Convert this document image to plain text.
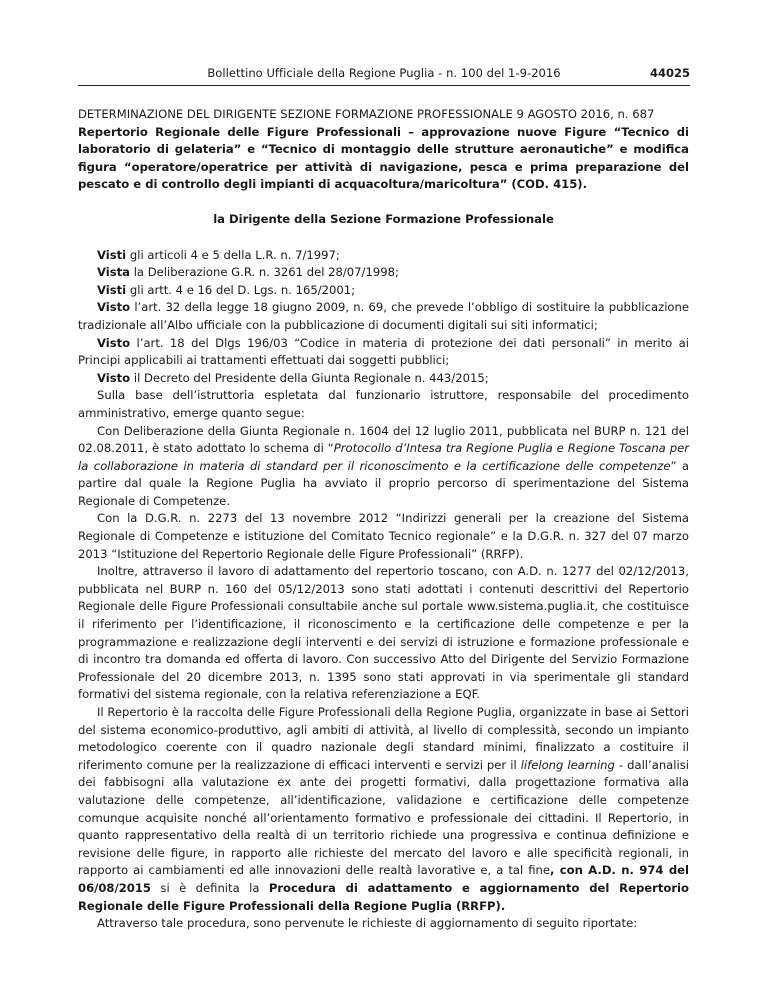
Bollettino Ufficiale della Regione Puglia - n. 100 del 1-9-2016	44025

DETERMINAZIONE DEL DIRIGENTE SEZIONE FORMAZIONE PROFESSIONALE 9 AGOSTO 2016, n. 687

Repertorio Regionale delle Figure Professionali – approvazione nuove Figure “Tecnico di laboratorio di gelateria” e “Tecnico di montaggio delle strutture aeronautiche” e modifica figura “operatore/operatrice per attività di navigazione, pesca e prima preparazione del pescato e di controllo degli impianti di acquacoltura/maricoltura” (COD. 415).

la Dirigente della Sezione Formazione Professionale

Visti gli articoli 4 e 5 della L.R. n. 7/1997;

Vista la Deliberazione G.R. n. 3261 del 28/07/1998;

Visti gli artt. 4 e 16 del D. Lgs. n. 165/2001;

Visto l’art. 32 della legge 18 giugno 2009, n. 69, che prevede l’obbligo di sostituire la pubblicazione tradizionale all’Albo ufficiale con la pubblicazione di documenti digitali sui siti informatici;

Visto l’art. 18 del Dlgs 196/03 “Codice in materia di protezione dei dati personali” in merito ai Principi applicabili ai trattamenti effettuati dai soggetti pubblici;

Visto il Decreto del Presidente della Giunta Regionale n. 443/2015;

Sulla base dell’istruttoria espletata dal funzionario istruttore, responsabile del procedimento amministrativo, emerge quanto segue:

Con Deliberazione della Giunta Regionale n. 1604 del 12 luglio 2011, pubblicata nel BURP n. 121 del 02.08.2011, è stato adottato lo schema di “Protocollo d’Intesa tra Regione Puglia e Regione Toscana per la collaborazione in materia di standard per il riconoscimento e la certificazione delle competenze” a partire dal quale la Regione Puglia ha avviato il proprio percorso di sperimentazione del Sistema Regionale di Competenze.

Con la D.G.R. n. 2273 del 13 novembre 2012 “Indirizzi generali per la creazione del Sistema Regionale di Competenze e istituzione del Comitato Tecnico regionale” e la D.G.R. n. 327 del 07 marzo 2013 “Istituzione del Repertorio Regionale delle Figure Professionali” (RRFP).

Inoltre, attraverso il lavoro di adattamento del repertorio toscano, con A.D. n. 1277 del 02/12/2013, pubblicata nel BURP n. 160 del 05/12/2013 sono stati adottati i contenuti descrittivi del Repertorio Regionale delle Figure Professionali consultabile anche sul portale www.sistema.puglia.it, che costituisce il riferimento per l’identificazione, il riconoscimento e la certificazione delle competenze e per la programmazione e realizzazione degli interventi e dei servizi di istruzione e formazione professionale e di incontro tra domanda ed offerta di lavoro. Con successivo Atto del Dirigente del Servizio Formazione Professionale del 20 dicembre 2013, n. 1395 sono stati approvati in via sperimentale gli standard formativi del sistema regionale, con la relativa referenziazione a EQF.

Il Repertorio è la raccolta delle Figure Professionali della Regione Puglia, organizzate in base ai Settori del sistema economico-produttivo, agli ambiti di attività, al livello di complessità, secondo un impianto metodologico coerente con il quadro nazionale degli standard minimi, finalizzato a costituire il riferimento comune per la realizzazione di efficaci interventi e servizi per il lifelong learning - dall’analisi dei fabbisogni alla valutazione ex ante dei progetti formativi, dalla progettazione formativa alla valutazione delle competenze, all’identificazione, validazione e certificazione delle competenze comunque acquisite nonché all’orientamento formativo e professionale dei cittadini. Il Repertorio, in quanto rappresentativo della realtà di un territorio richiede una progressiva e continua definizione e revisione delle figure, in rapporto alle richieste del mercato del lavoro e alle specificità regionali, in rapporto ai cambiamenti ed alle innovazioni delle realtà lavorative e, a tal fine, con A.D. n. 974 del 06/08/2015 si è definita la Procedura di adattamento e aggiornamento del Repertorio Regionale delle Figure Professionali della Regione Puglia (RRFP).

Attraverso tale procedura, sono pervenute le richieste di aggiornamento di seguito riportate:
